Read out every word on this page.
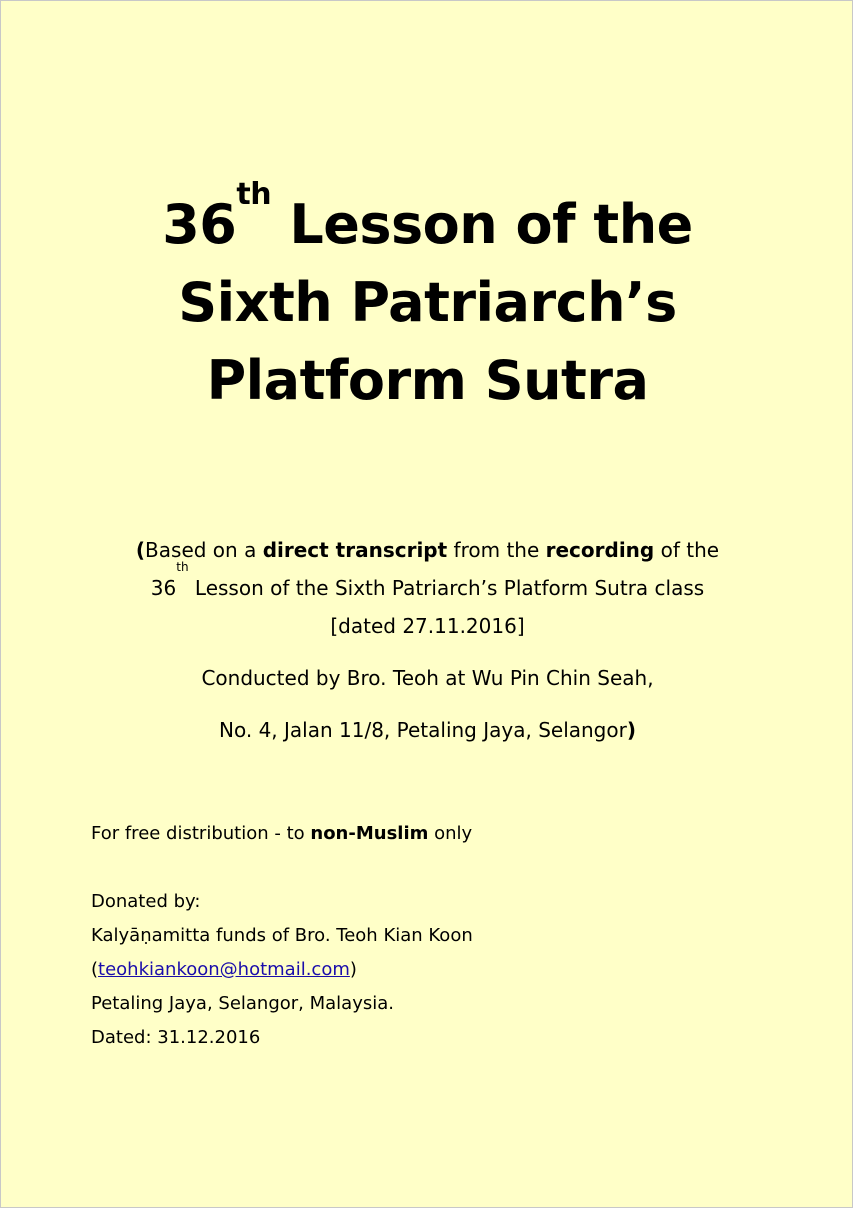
36th Lesson of the
Sixth Patriarch’s
Platform Sutra
(Based on a direct transcript from the recording of the
36th Lesson of the Sixth Patriarch’s Platform Sutra class
[dated 27.11.2016]
Conducted by Bro. Teoh at Wu Pin Chin Seah,
No. 4, Jalan 11/8, Petaling Jaya, Selangor)
For free distribution - to non-Muslim only
Donated by:
Kalyāṇamitta funds of Bro. Teoh Kian Koon
(teohkiankoon@hotmail.com)
Petaling Jaya, Selangor, Malaysia.
Dated: 31.12.2016
